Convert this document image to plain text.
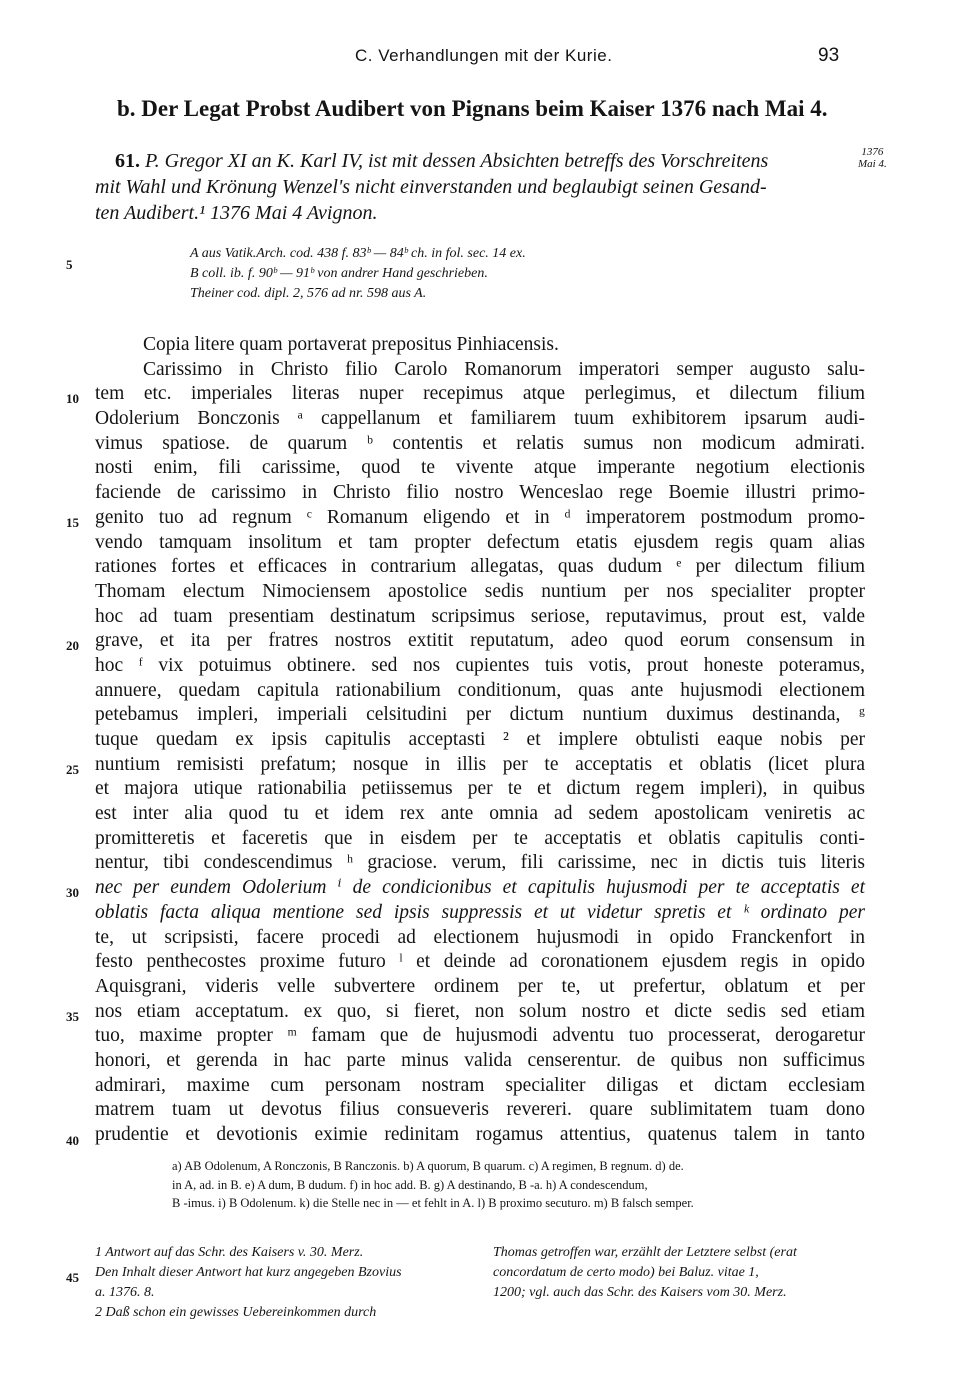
C. Verhandlungen mit der Kurie.	93
b. Der Legat Probst Audibert von Pignans beim Kaiser 1376 nach Mai 4.
61. P. Gregor XI an K. Karl IV, ist mit dessen Absichten betreffs des Vorschreitens
mit Wahl und Krönung Wenzel's nicht einverstanden und beglaubigt seinen Gesand-
ten Audibert.¹ 1376 Mai 4 Avignon.
1376
Mai 4.
A aus Vatik.Arch. cod. 438 f. 83ᵇ — 84ᵇ ch. in fol. sec. 14 ex.
B coll. ib. f. 90ᵇ — 91ᵇ von andrer Hand geschrieben.
Theiner cod. dipl. 2, 576 ad nr. 598 aus A.
5
10
15
20
25
30
35
40
45
Copia litere quam portaverat prepositus Pinhiacensis.
Carissimo in Christo filio Carolo Romanorum imperatori semper augusto salu-
tem etc. imperiales literas nuper recepimus atque perlegimus, et dilectum filium
Odolerium Bonczonis ᵃ cappellanum et familiarem tuum exhibitorem ipsarum audi-
vimus spatiose. de quarum ᵇ contentis et relatis sumus non modicum admirati.
nosti enim, fili carissime, quod te vivente atque imperante negotium electionis
faciende de carissimo in Christo filio nostro Wenceslao rege Boemie illustri primo-
genito tuo ad regnum ᶜ Romanum eligendo et in ᵈ imperatorem postmodum promo-
vendo tamquam insolitum et tam propter defectum etatis ejusdem regis quam alias
rationes fortes et efficaces in contrarium allegatas, quas dudum ᵉ per dilectum filium
Thomam electum Nimociensem apostolice sedis nuntium per nos specialiter propter
hoc ad tuam presentiam destinatum scripsimus seriose, reputavimus, prout est, valde
grave, et ita per fratres nostros extitit reputatum, adeo quod eorum consensum in
hoc ᶠ vix potuimus obtinere. sed nos cupientes tuis votis, prout honeste poteramus,
annuere, quedam capitula rationabilium conditionum, quas ante hujusmodi electionem
petebamus impleri, imperiali celsitudini per dictum nuntium duximus destinanda, ᵍ
tuque quedam ex ipsis capitulis acceptasti ² et implere obtulisti eaque nobis per
nuntium remisisti prefatum; nosque in illis per te acceptatis et oblatis (licet plura
et majora utique rationabilia petiissemus per te et dictum regem impleri), in quibus
est inter alia quod tu et idem rex ante omnia ad sedem apostolicam veniretis ac
promitteretis et faceretis que in eisdem per te acceptatis et oblatis capitulis conti-
nentur, tibi condescendimus ʰ graciose. verum, fili carissime, nec in dictis tuis literis
nec per eundem Odolerium ⁱ de condicionibus et capitulis hujusmodi per te acceptatis et
oblatis facta aliqua mentione sed ipsis suppressis et ut videtur spretis et ᵏ ordinato per
te, ut scripsisti, facere procedi ad electionem hujusmodi in opido Franckenfort in
festo penthecostes proxime futuro ˡ et deinde ad coronationem ejusdem regis in opido
Aquisgrani, videris velle subvertere ordinem per te, ut prefertur, oblatum et per
nos etiam acceptatum. ex quo, si fieret, non solum nostro et dicte sedis sed etiam
tuo, maxime propter ᵐ famam que de hujusmodi adventu tuo processerat, derogaretur
honori, et gerenda in hac parte minus valida censerentur. de quibus non sufficimus
admirari, maxime cum personam nostram specialiter diligas et dictam ecclesiam
matrem tuam ut devotus filius consueveris revereri. quare sublimitatem tuam dono
prudentie et devotionis eximie redinitam rogamus attentius, quatenus talem in tanto
a) AB Odolenum, A Ronczonis, B Ranczonis. b) A quorum, B quarum. c) A regimen, B regnum. d) de.
in A, ad. in B. e) A dum, B dudum. f) in hoc add. B. g) A destinando, B -a. h) A condescendum,
B -imus. i) B Odolenum. k) die Stelle nec in — et fehlt in A. l) B proximo secuturo. m) B falsch semper.
1 Antwort auf das Schr. des Kaisers v. 30. Merz.
Den Inhalt dieser Antwort hat kurz angegeben Bzovius
a. 1376. 8.
2 Daß schon ein gewisses Uebereinkommen durch
Thomas getroffen war, erzählt der Letztere selbst (erat
concordatum de certo modo) bei Baluz. vitae 1,
1200; vgl. auch das Schr. des Kaisers vom 30. Merz.
